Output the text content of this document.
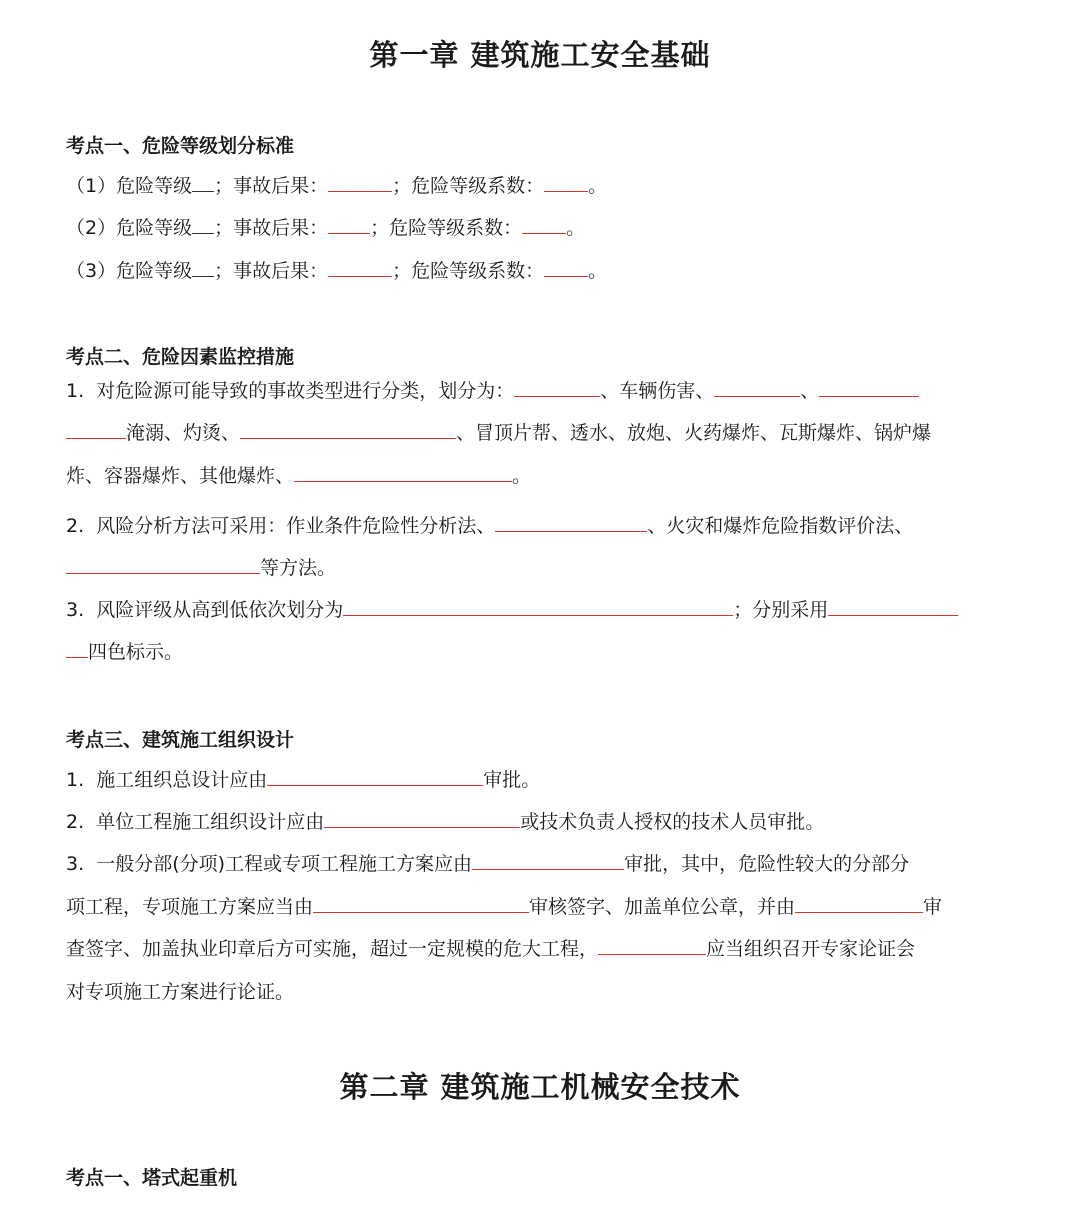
第一章 建筑施工安全基础
考点一、危险等级划分标准
（1）危险等级 ；事故后果：	；危险等级系数： 。
（2）危险等级 ；事故后果： ；危险等级系数： 。
（3）危险等级 ；事故后果：	；危险等级系数： 。
考点二、危险因素监控措施
1. 对危险源可能导致的事故类型进行分类，划分为：	、车辆伤害、	、
淹溺、灼烫、	、冒顶片帮、透水、放炮、火药爆炸、瓦斯爆炸、锅炉爆
炸、容器爆炸、其他爆炸、	。
2. 风险分析方法可采用：作业条件危险性分析法、	、火灾和爆炸危险指数评价法、
等方法。
3. 风险评级从高到低依次划分为	；分别采用
四色标示。
考点三、建筑施工组织设计
1. 施工组织总设计应由	审批。
2. 单位工程施工组织设计应由	或技术负责人授权的技术人员审批。
3. 一般分部(分项)工程或专项工程施工方案应由	审批，其中，危险性较大的分部分
项工程，专项施工方案应当由	审核签字、加盖单位公章，并由	审
查签字、加盖执业印章后方可实施，超过一定规模的危大工程，	应当组织召开专家论证会
对专项施工方案进行论证。
第二章 建筑施工机械安全技术
考点一、塔式起重机
